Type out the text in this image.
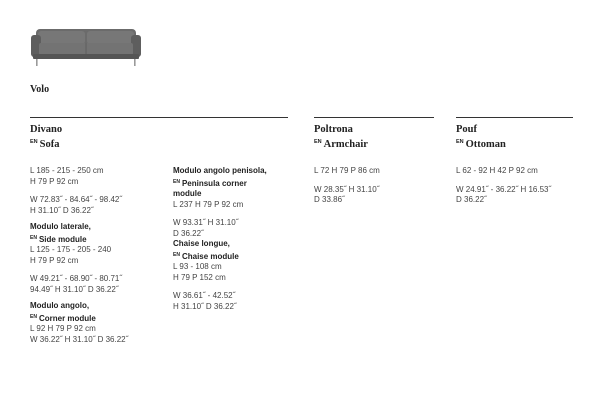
Volo
Divano
$^{EN}$ Sofa
Poltrona
$^{EN}$ Armchair
Pouf
$^{EN}$ Ottoman
L 185 - 215 - 250 cm
H 79 P 92 cm
W 72.83˝ - 84.64˝ - 98.42˝
H 31.10˝ D 36.22˝
Modulo laterale,
$^{EN}$ Side module
L 125 - 175 - 205 - 240
H 79 P 92 cm
W 49.21˝ - 68.90˝ - 80.71˝
94.49˝ H 31.10˝ D 36.22˝
Modulo angolo,
$^{EN}$ Corner module
L 92 H 79 P 92 cm
W 36.22˝ H 31.10˝ D 36.22˝
Modulo angolo penisola,
$^{EN}$ Peninsula corner
module
L 237 H 79 P 92 cm
W 93.31˝ H 31.10˝
D 36.22˝
Chaise longue,
$^{EN}$ Chaise module
L 93 - 108 cm
H 79 P 152 cm
W 36.61˝ - 42.52˝
H 31.10˝ D 36.22˝
L 72 H 79 P 86 cm
W 28.35˝ H 31.10˝
D 33.86˝
L 62 - 92 H 42 P 92 cm
W 24.91˝ - 36.22˝ H 16.53˝
D 36.22˝
